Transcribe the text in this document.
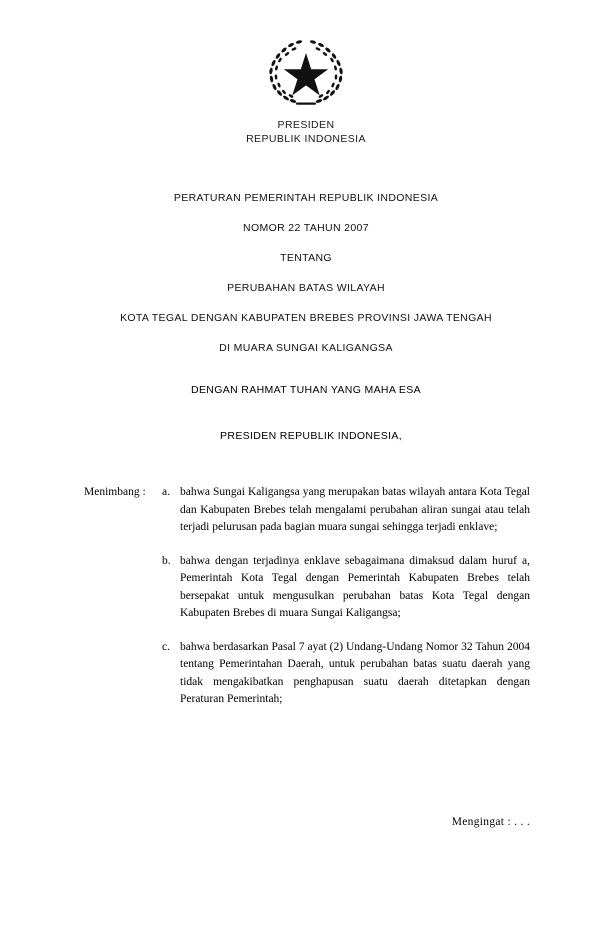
PRESIDEN
REPUBLIK INDONESIA
PERATURAN PEMERINTAH REPUBLIK INDONESIA
NOMOR 22 TAHUN 2007
TENTANG
PERUBAHAN BATAS WILAYAH
KOTA TEGAL DENGAN KABUPATEN BREBES PROVINSI JAWA TENGAH
DI MUARA SUNGAI KALIGANGSA
DENGAN RAHMAT TUHAN YANG MAHA ESA
PRESIDEN REPUBLIK INDONESIA,
Menimbang :	a. bahwa Sungai Kaligangsa yang merupakan batas wilayah antara Kota Tegal dan Kabupaten Brebes telah mengalami perubahan aliran sungai atau telah terjadi pelurusan pada bagian muara sungai sehingga terjadi enklave;
b. bahwa dengan terjadinya enklave sebagaimana dimaksud dalam huruf a, Pemerintah Kota Tegal dengan Pemerintah Kabupaten Brebes telah bersepakat untuk mengusulkan perubahan batas Kota Tegal dengan Kabupaten Brebes di muara Sungai Kaligangsa;
c. bahwa berdasarkan Pasal 7 ayat (2) Undang-Undang Nomor 32 Tahun 2004 tentang Pemerintahan Daerah, untuk perubahan batas suatu daerah yang tidak mengakibatkan penghapusan suatu daerah ditetapkan dengan Peraturan Pemerintah;
Mengingat : . . .
